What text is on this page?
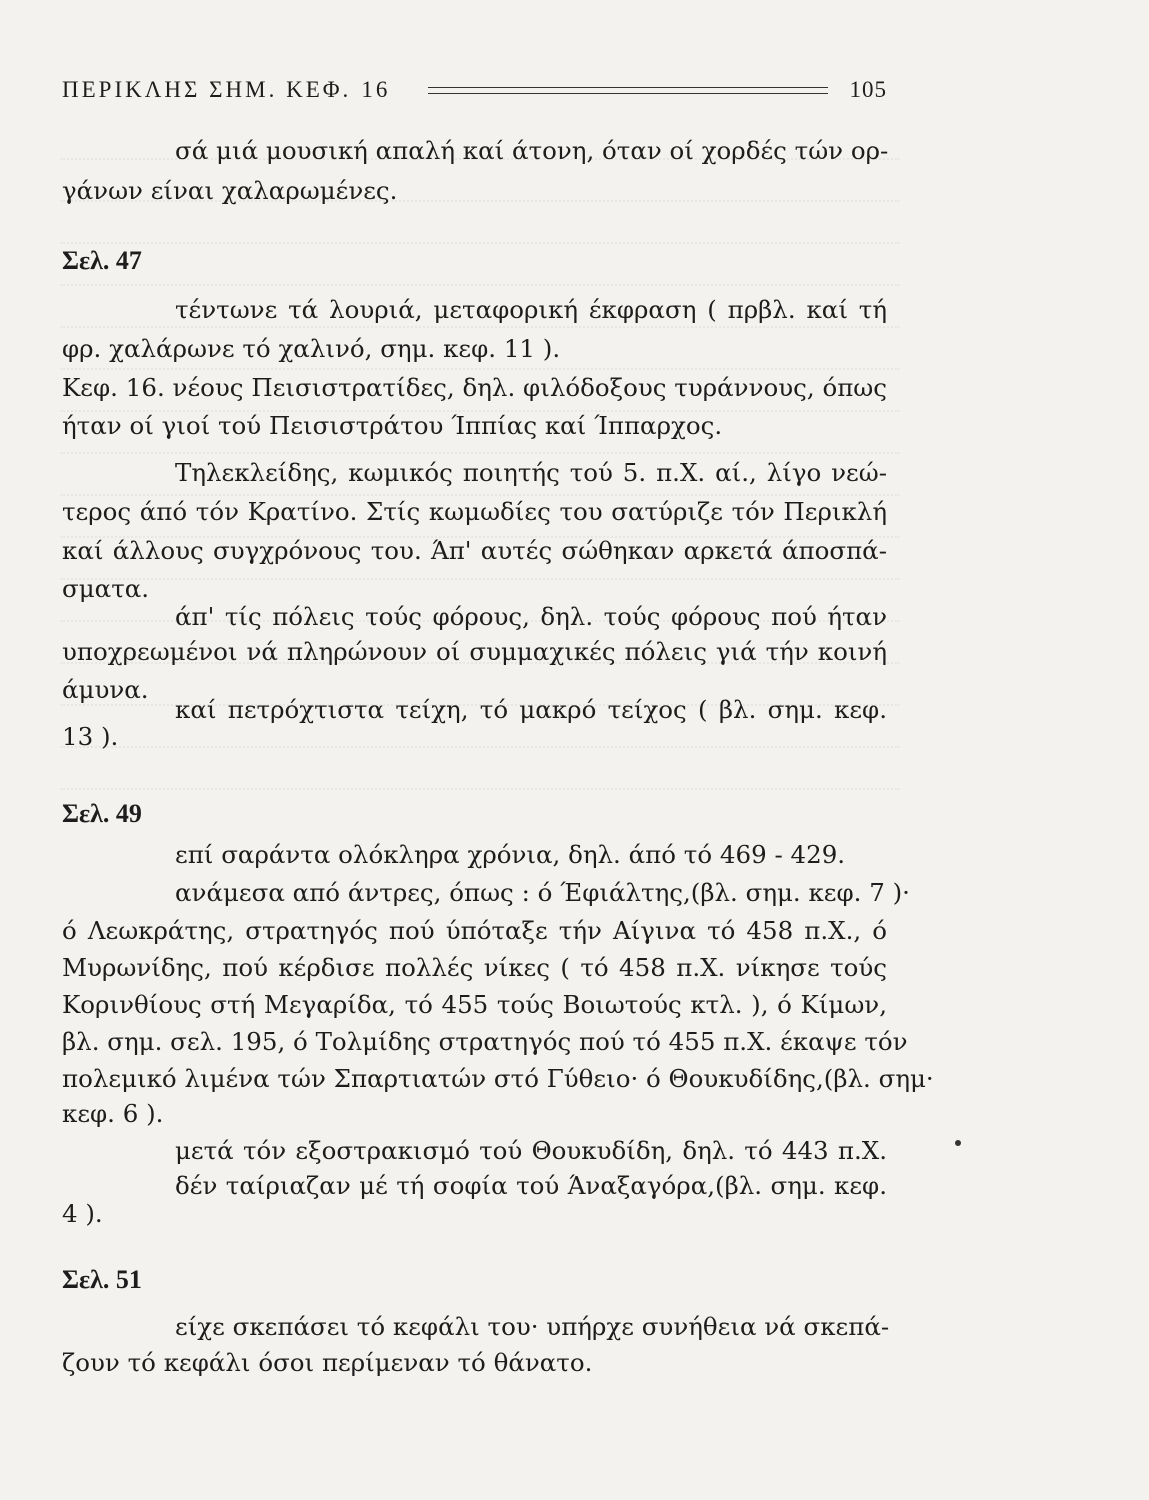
ΠΕΡΙΚΛΗΣ ΣΗΜ. ΚΕΦ. 16	105
σά μιά μουσική απαλή καί άτονη, όταν οί χορδές τών ορ-
γάνων είναι χαλαρωμένες.
Σελ. 47
τέντωνε τά λουριά, μεταφορική έκφραση ( πρβλ. καί τή
φρ. χαλάρωνε τό χαλινό, σημ. κεφ. 11 ).
Κεφ. 16. νέους Πεισιστρατίδες, δηλ. φιλόδοξους τυράννους, όπως
ήταν οί γιοί τού Πεισιστράτου Ίππίας καί Ίππαρχος.
Τηλεκλείδης, κωμικός ποιητής τού 5. π.Χ. αί., λίγο νεώ-
τερος άπό τόν Κρατίνο. Στίς κωμωδίες του σατύριζε τόν Περικλή
καί άλλους συγχρόνους του. Άπ' αυτές σώθηκαν αρκετά άποσπά-
σματα.
άπ' τίς πόλεις τούς φόρους, δηλ. τούς φόρους πού ήταν
υποχρεωμένοι νά πληρώνουν οί συμμαχικές πόλεις γιά τήν κοινή
άμυνα.
καί πετρόχτιστα τείχη, τό μακρό τείχος ( βλ. σημ. κεφ.
13 ).
Σελ. 49
επί σαράντα ολόκληρα χρόνια, δηλ. άπό τό 469 - 429.
ανάμεσα από άντρες, όπως : ό Έφιάλτης,(βλ. σημ. κεφ. 7 )·
ό Λεωκράτης, στρατηγός πού ύπόταξε τήν Αίγινα τό 458 π.Χ., ό
Μυρωνίδης, πού κέρδισε πολλές νίκες ( τό 458 π.Χ. νίκησε τούς
Κορινθίους στή Μεγαρίδα, τό 455 τούς Βοιωτούς κτλ. ), ό Κίμων,
βλ. σημ. σελ. 195, ό Τολμίδης στρατηγός πού τό 455 π.Χ. έκαψε τόν
πολεμικό λιμένα τών Σπαρτιατών στό Γύθειο· ό Θουκυδίδης,(βλ. σημ·
κεφ. 6 ).
μετά τόν εξοστρακισμό τού Θουκυδίδη, δηλ. τό 443 π.Χ.
δέν ταίριαζαν μέ τή σοφία τού Άναξαγόρα,(βλ. σημ. κεφ.
4 ).
Σελ. 51
είχε σκεπάσει τό κεφάλι του· υπήρχε συνήθεια νά σκεπά-
ζουν τό κεφάλι όσοι περίμεναν τό θάνατο.
